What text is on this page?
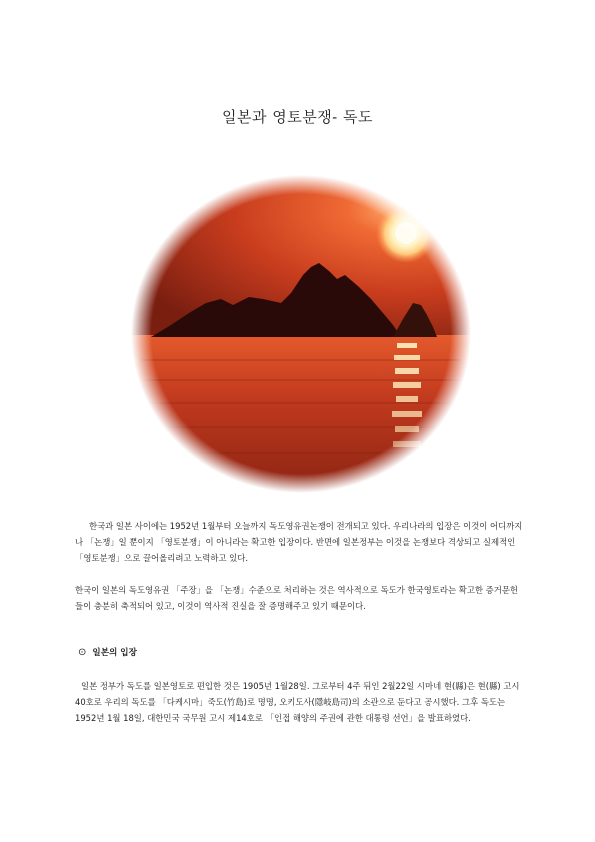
일본과 영토분쟁- 독도

한국과 일본 사이에는 1952년 1월부터 오늘까지 독도영유권논쟁이 전개되고 있다. 우리나라의 입장은 이것이 어디까지나 「논쟁」일 뿐이지 「영토분쟁」이 아니라는 확고한 입장이다. 반면에 일본정부는 이것을 논쟁보다 격상되고 실제적인 「영토분쟁」으로 끌어올리려고 노력하고 있다.

한국이 일본의 독도영유권 「주장」을 「논쟁」수준으로 처리하는 것은 역사적으로 독도가 한국영토라는 확고한 증거문헌들이 충분히 축적되어 있고, 이것이 역사적 진실을 잘 증명해주고 있기 때문이다.

⊙ 일본의 입장

일본 정부가 독도를 일본영토로 편입한 것은 1905년 1월28일. 그로부터 4주 뒤인 2월22일 시마네 현(縣)은 현(縣) 고시40호로 우리의 독도를 「다케시마」죽도(竹島)로 명명, 오키도사(隱岐島司)의 소관으로 둔다고 공시했다. 그후 독도는 1952년 1월 18일, 대한민국 국무원 고시 제14호로 「인접 해양의 주권에 관한 대통령 선언」을 발표하였다.
